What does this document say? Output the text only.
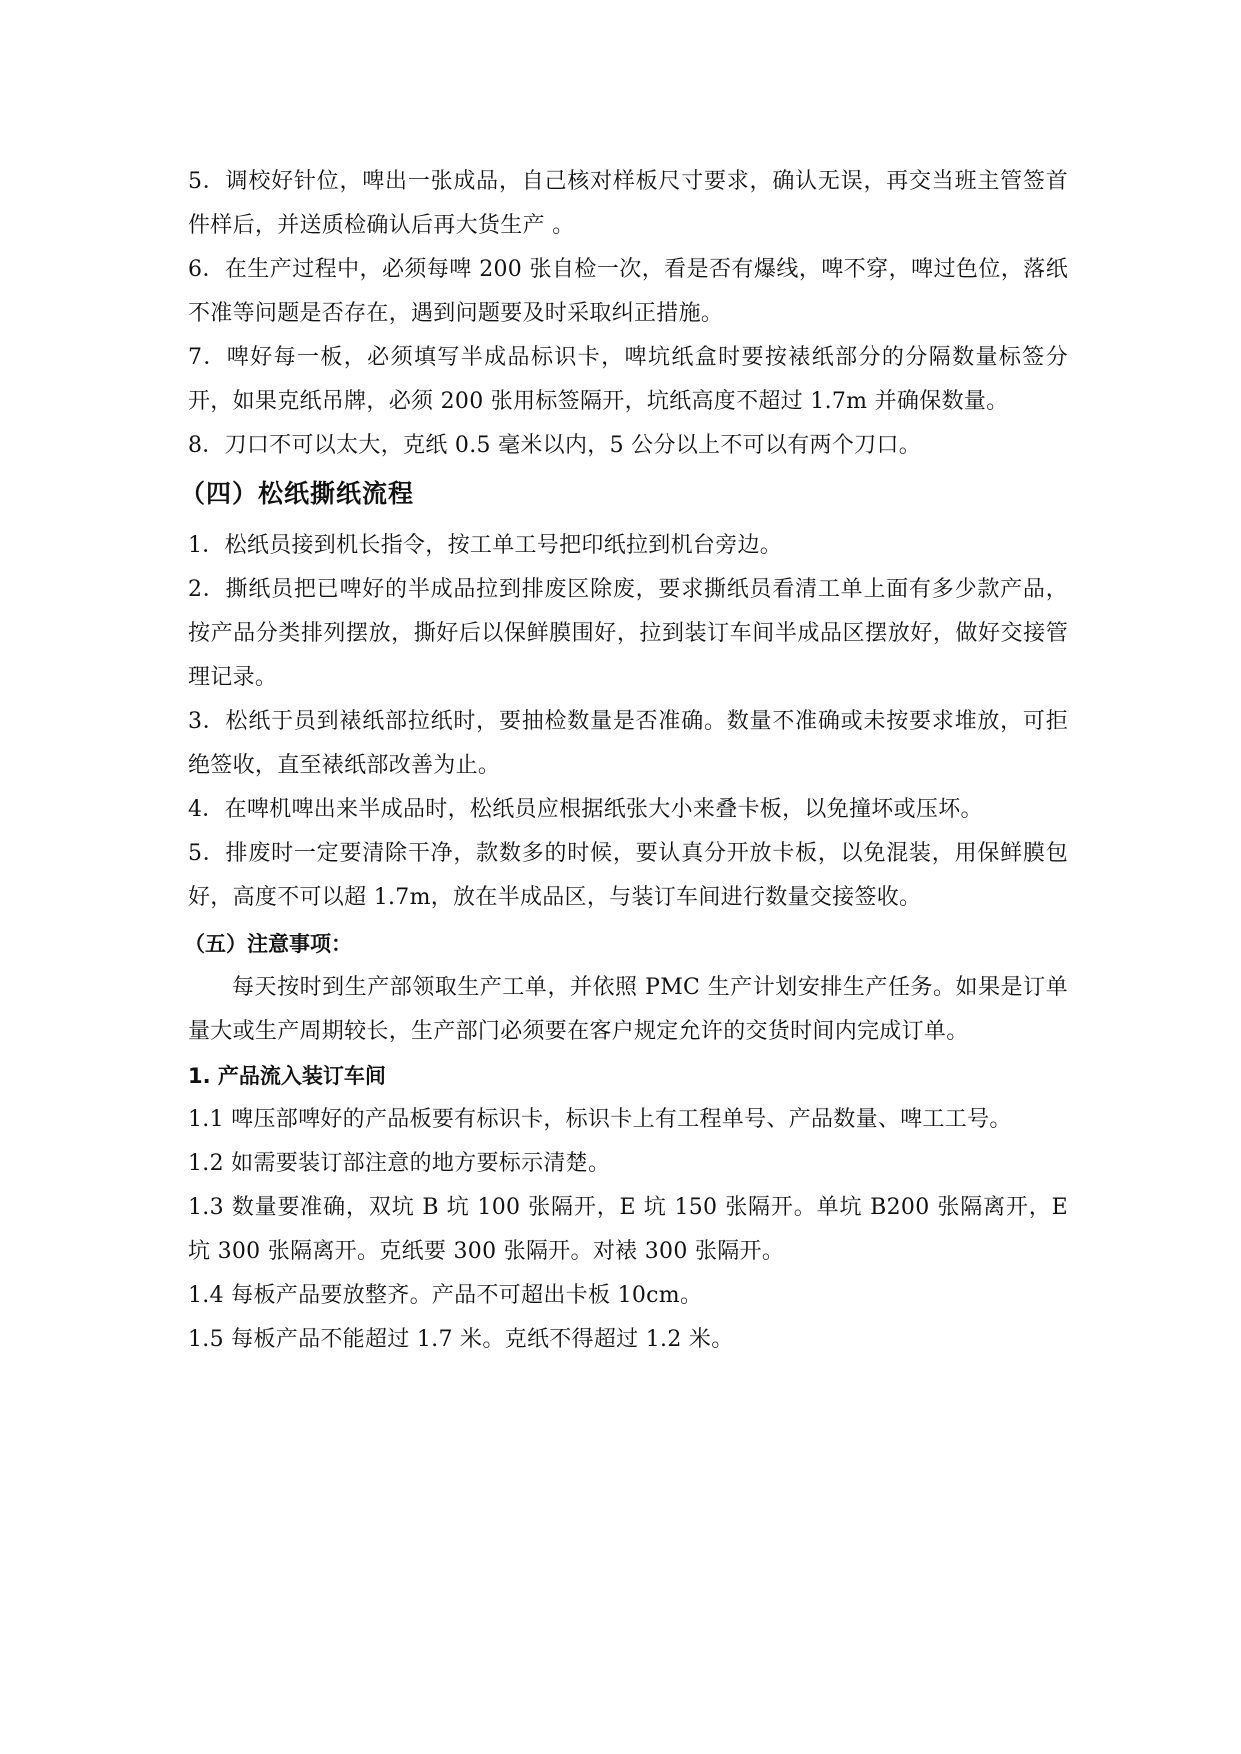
5．调校好针位，啤出一张成品，自己核对样板尺寸要求，确认无误，再交当班主管签首件样后，并送质检确认后再大货生产 。

6．在生产过程中，必须每啤 200 张自检一次，看是否有爆线，啤不穿，啤过色位，落纸不准等问题是否存在，遇到问题要及时采取纠正措施。

7．啤好每一板，必须填写半成品标识卡，啤坑纸盒时要按裱纸部分的分隔数量标签分开，如果克纸吊牌，必须 200 张用标签隔开，坑纸高度不超过 1.7m 并确保数量。

8．刀口不可以太大，克纸 0.5 毫米以内，5 公分以上不可以有两个刀口。

（四）松纸撕纸流程

1．松纸员接到机长指令，按工单工号把印纸拉到机台旁边。

2．撕纸员把已啤好的半成品拉到排废区除废，要求撕纸员看清工单上面有多少款产品，按产品分类排列摆放，撕好后以保鲜膜围好，拉到装订车间半成品区摆放好，做好交接管理记录。

3．松纸于员到裱纸部拉纸时，要抽检数量是否准确。数量不准确或未按要求堆放，可拒绝签收，直至裱纸部改善为止。

4．在啤机啤出来半成品时，松纸员应根据纸张大小来叠卡板，以免撞坏或压坏。

5．排废时一定要清除干净，款数多的时候，要认真分开放卡板，以免混装，用保鲜膜包好，高度不可以超 1.7m，放在半成品区，与装订车间进行数量交接签收。

（五）注意事项：

每天按时到生产部领取生产工单，并依照 PMC 生产计划安排生产任务。如果是订单量大或生产周期较长，生产部门必须要在客户规定允许的交货时间内完成订单。

1. 产品流入装订车间

1.1 啤压部啤好的产品板要有标识卡，标识卡上有工程单号、产品数量、啤工工号。

1.2 如需要装订部注意的地方要标示清楚。

1.3 数量要准确，双坑 B 坑 100 张隔开，E 坑 150 张隔开。单坑 B200 张隔离开，E 坑 300 张隔离开。克纸要 300 张隔开。对裱 300 张隔开。

1.4 每板产品要放整齐。产品不可超出卡板 10cm。

1.5 每板产品不能超过 1.7 米。克纸不得超过 1.2 米。
